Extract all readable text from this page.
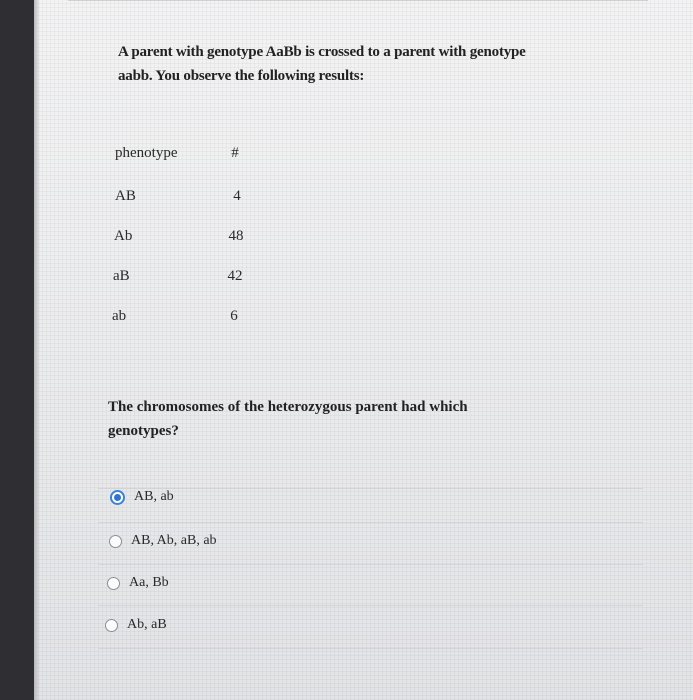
A parent with genotype AaBb is crossed to a parent with genotype
aabb. You observe the following results:
phenotype	#
AB	4
Ab	48
aB	42
ab	6
The chromosomes of the heterozygous parent had which
genotypes?
AB, ab
AB, Ab, aB, ab
Aa, Bb
Ab, aB
